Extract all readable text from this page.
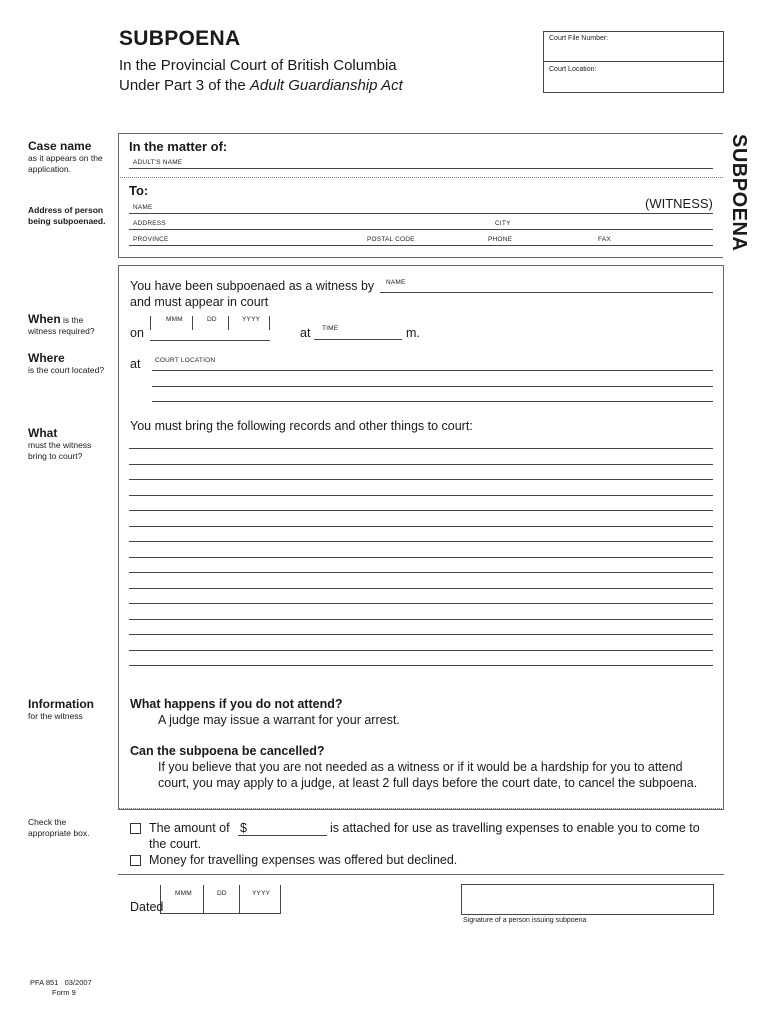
SUBPOENA
In the Provincial Court of British Columbia
Under Part 3 of the Adult Guardianship Act
Court File Number:
Court Location:
SUBPOENA
Case name
as it appears on the application.
In the matter of:
ADULT'S NAME
To:
Address of person being subpoenaed.
(WITNESS)
NAME
ADDRESS	CITY
PROVINCE	POSTAL CODE	PHONE	FAX
You have been subpoenaed as a witness by NAME
and must appear in court
When is the
witness required?	on
MMM	DD	YYYY
at TIME	m.
Where
is the court located? at COURT LOCATION
What
must the witness bring to court?
You must bring the following records and other things to court:
Information
for the witness
What happens if you do not attend?
A judge may issue a warrant for your arrest.
Can the subpoena be cancelled?
If you believe that you are not needed as a witness or if it would be a hardship for you to attend
court, you may apply to a judge, at least 2 full days before the court date, to cancel the subpoena.
Check the appropriate box.	The amount of $	is attached for use as travelling expenses to enable you to come to
the court.
Money for travelling expenses was offered but declined.
MMM	DD	YYYY
Dated
Signature of a person issuing subpoena
PFA 851   03/2007
Form 9
